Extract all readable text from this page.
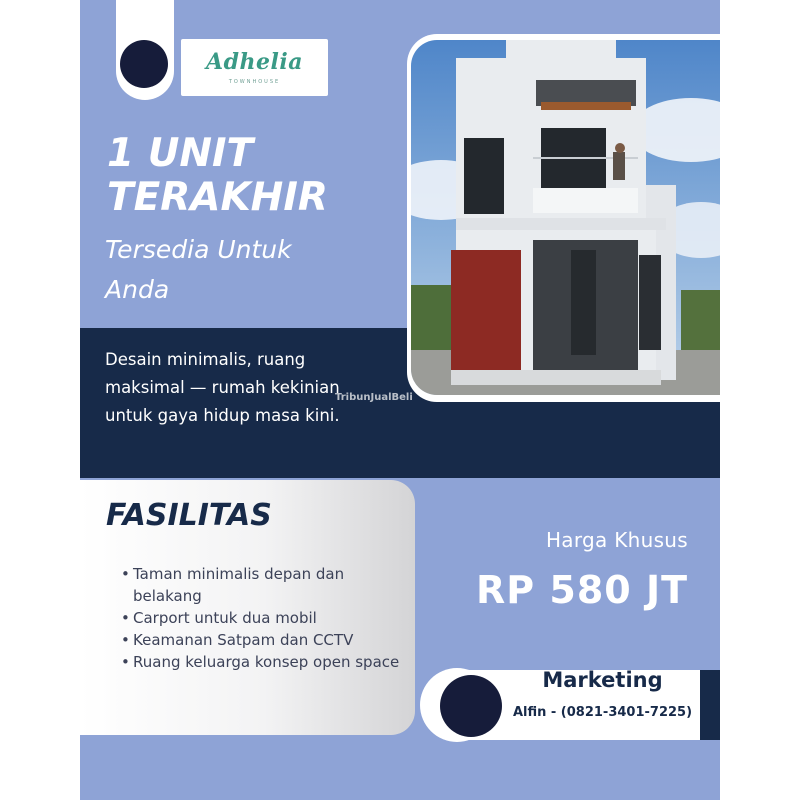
Adhelia
TOWNHOUSE
1 UNIT
TERAKHIR
Tersedia Untuk
Anda
Desain minimalis, ruang maksimal — rumah kekinian untuk gaya hidup masa kini.
TribunJualBeli
FASILITAS
• Taman minimalis depan dan belakang
• Carport untuk dua mobil
• Keamanan Satpam dan CCTV
• Ruang keluarga konsep open space
Harga Khusus
RP 580 JT
Marketing
Alfin - (0821-3401-7225)
